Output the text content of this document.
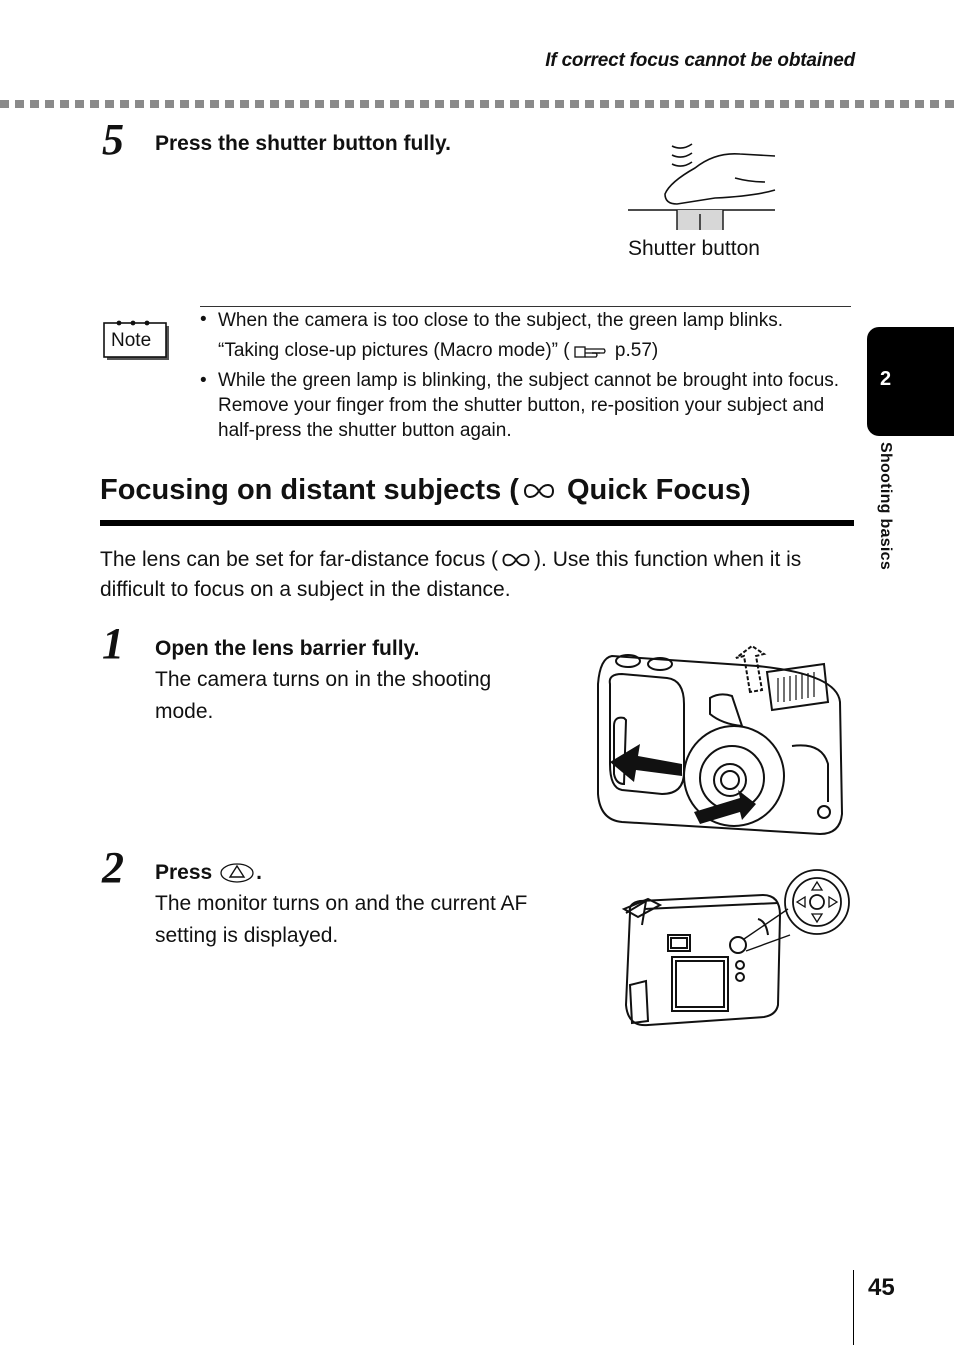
If correct focus cannot be obtained
5 Press the shutter button fully.
Shutter button
Note
• When the camera is too close to the subject, the green lamp blinks.
“Taking close-up pictures (Macro mode)” ( p.57)
• While the green lamp is blinking, the subject cannot be brought into focus. Remove your finger from the shutter button, re-position your subject and half-press the shutter button again.
Focusing on distant subjects ( Quick Focus)
The lens can be set for far-distance focus ( ). Use this function when it is difficult to focus on a subject in the distance.
1 Open the lens barrier fully.
The camera turns on in the shooting mode.
2 Press .
The monitor turns on and the current AF setting is displayed.
2
Shooting basics
45
